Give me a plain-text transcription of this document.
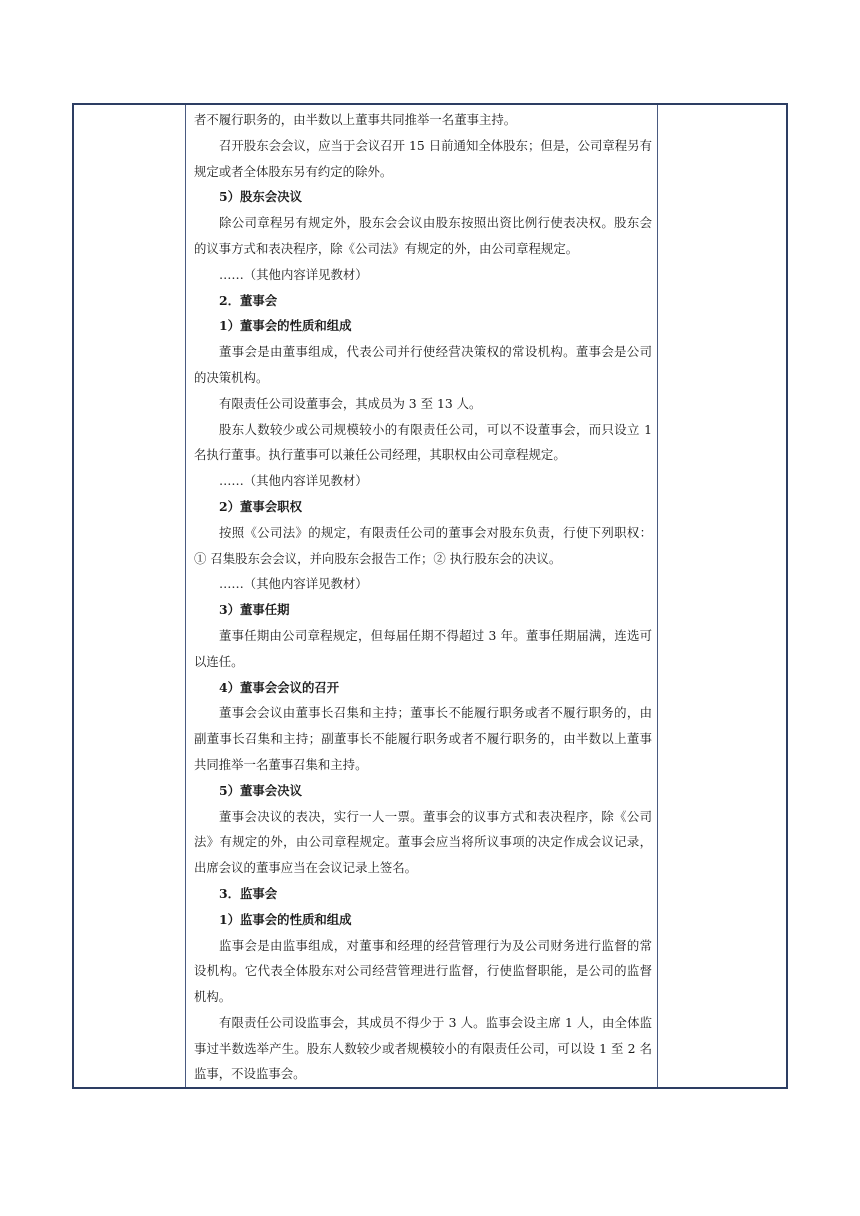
者不履行职务的，由半数以上董事共同推举一名董事主持。

召开股东会会议，应当于会议召开 15 日前通知全体股东；但是，公司章程另有规定或者全体股东另有约定的除外。

5）股东会决议

除公司章程另有规定外，股东会会议由股东按照出资比例行使表决权。股东会的议事方式和表决程序，除《公司法》有规定的外，由公司章程规定。

……（其他内容详见教材）

2．董事会

1）董事会的性质和组成

董事会是由董事组成，代表公司并行使经营决策权的常设机构。董事会是公司的决策机构。

有限责任公司设董事会，其成员为 3 至 13 人。

股东人数较少或公司规模较小的有限责任公司，可以不设董事会，而只设立 1 名执行董事。执行董事可以兼任公司经理，其职权由公司章程规定。

……（其他内容详见教材）

2）董事会职权

按照《公司法》的规定，有限责任公司的董事会对股东负责，行使下列职权：① 召集股东会会议，并向股东会报告工作；② 执行股东会的决议。

……（其他内容详见教材）

3）董事任期

董事任期由公司章程规定，但每届任期不得超过 3 年。董事任期届满，连选可以连任。

4）董事会会议的召开

董事会会议由董事长召集和主持；董事长不能履行职务或者不履行职务的，由副董事长召集和主持；副董事长不能履行职务或者不履行职务的，由半数以上董事共同推举一名董事召集和主持。

5）董事会决议

董事会决议的表决，实行一人一票。董事会的议事方式和表决程序，除《公司法》有规定的外，由公司章程规定。董事会应当将所议事项的决定作成会议记录，出席会议的董事应当在会议记录上签名。

3．监事会

1）监事会的性质和组成

监事会是由监事组成，对董事和经理的经营管理行为及公司财务进行监督的常设机构。它代表全体股东对公司经营管理进行监督，行使监督职能，是公司的监督机构。

有限责任公司设监事会，其成员不得少于 3 人。监事会设主席 1 人，由全体监事过半数选举产生。股东人数较少或者规模较小的有限责任公司，可以设 1 至 2 名监事，不设监事会。
